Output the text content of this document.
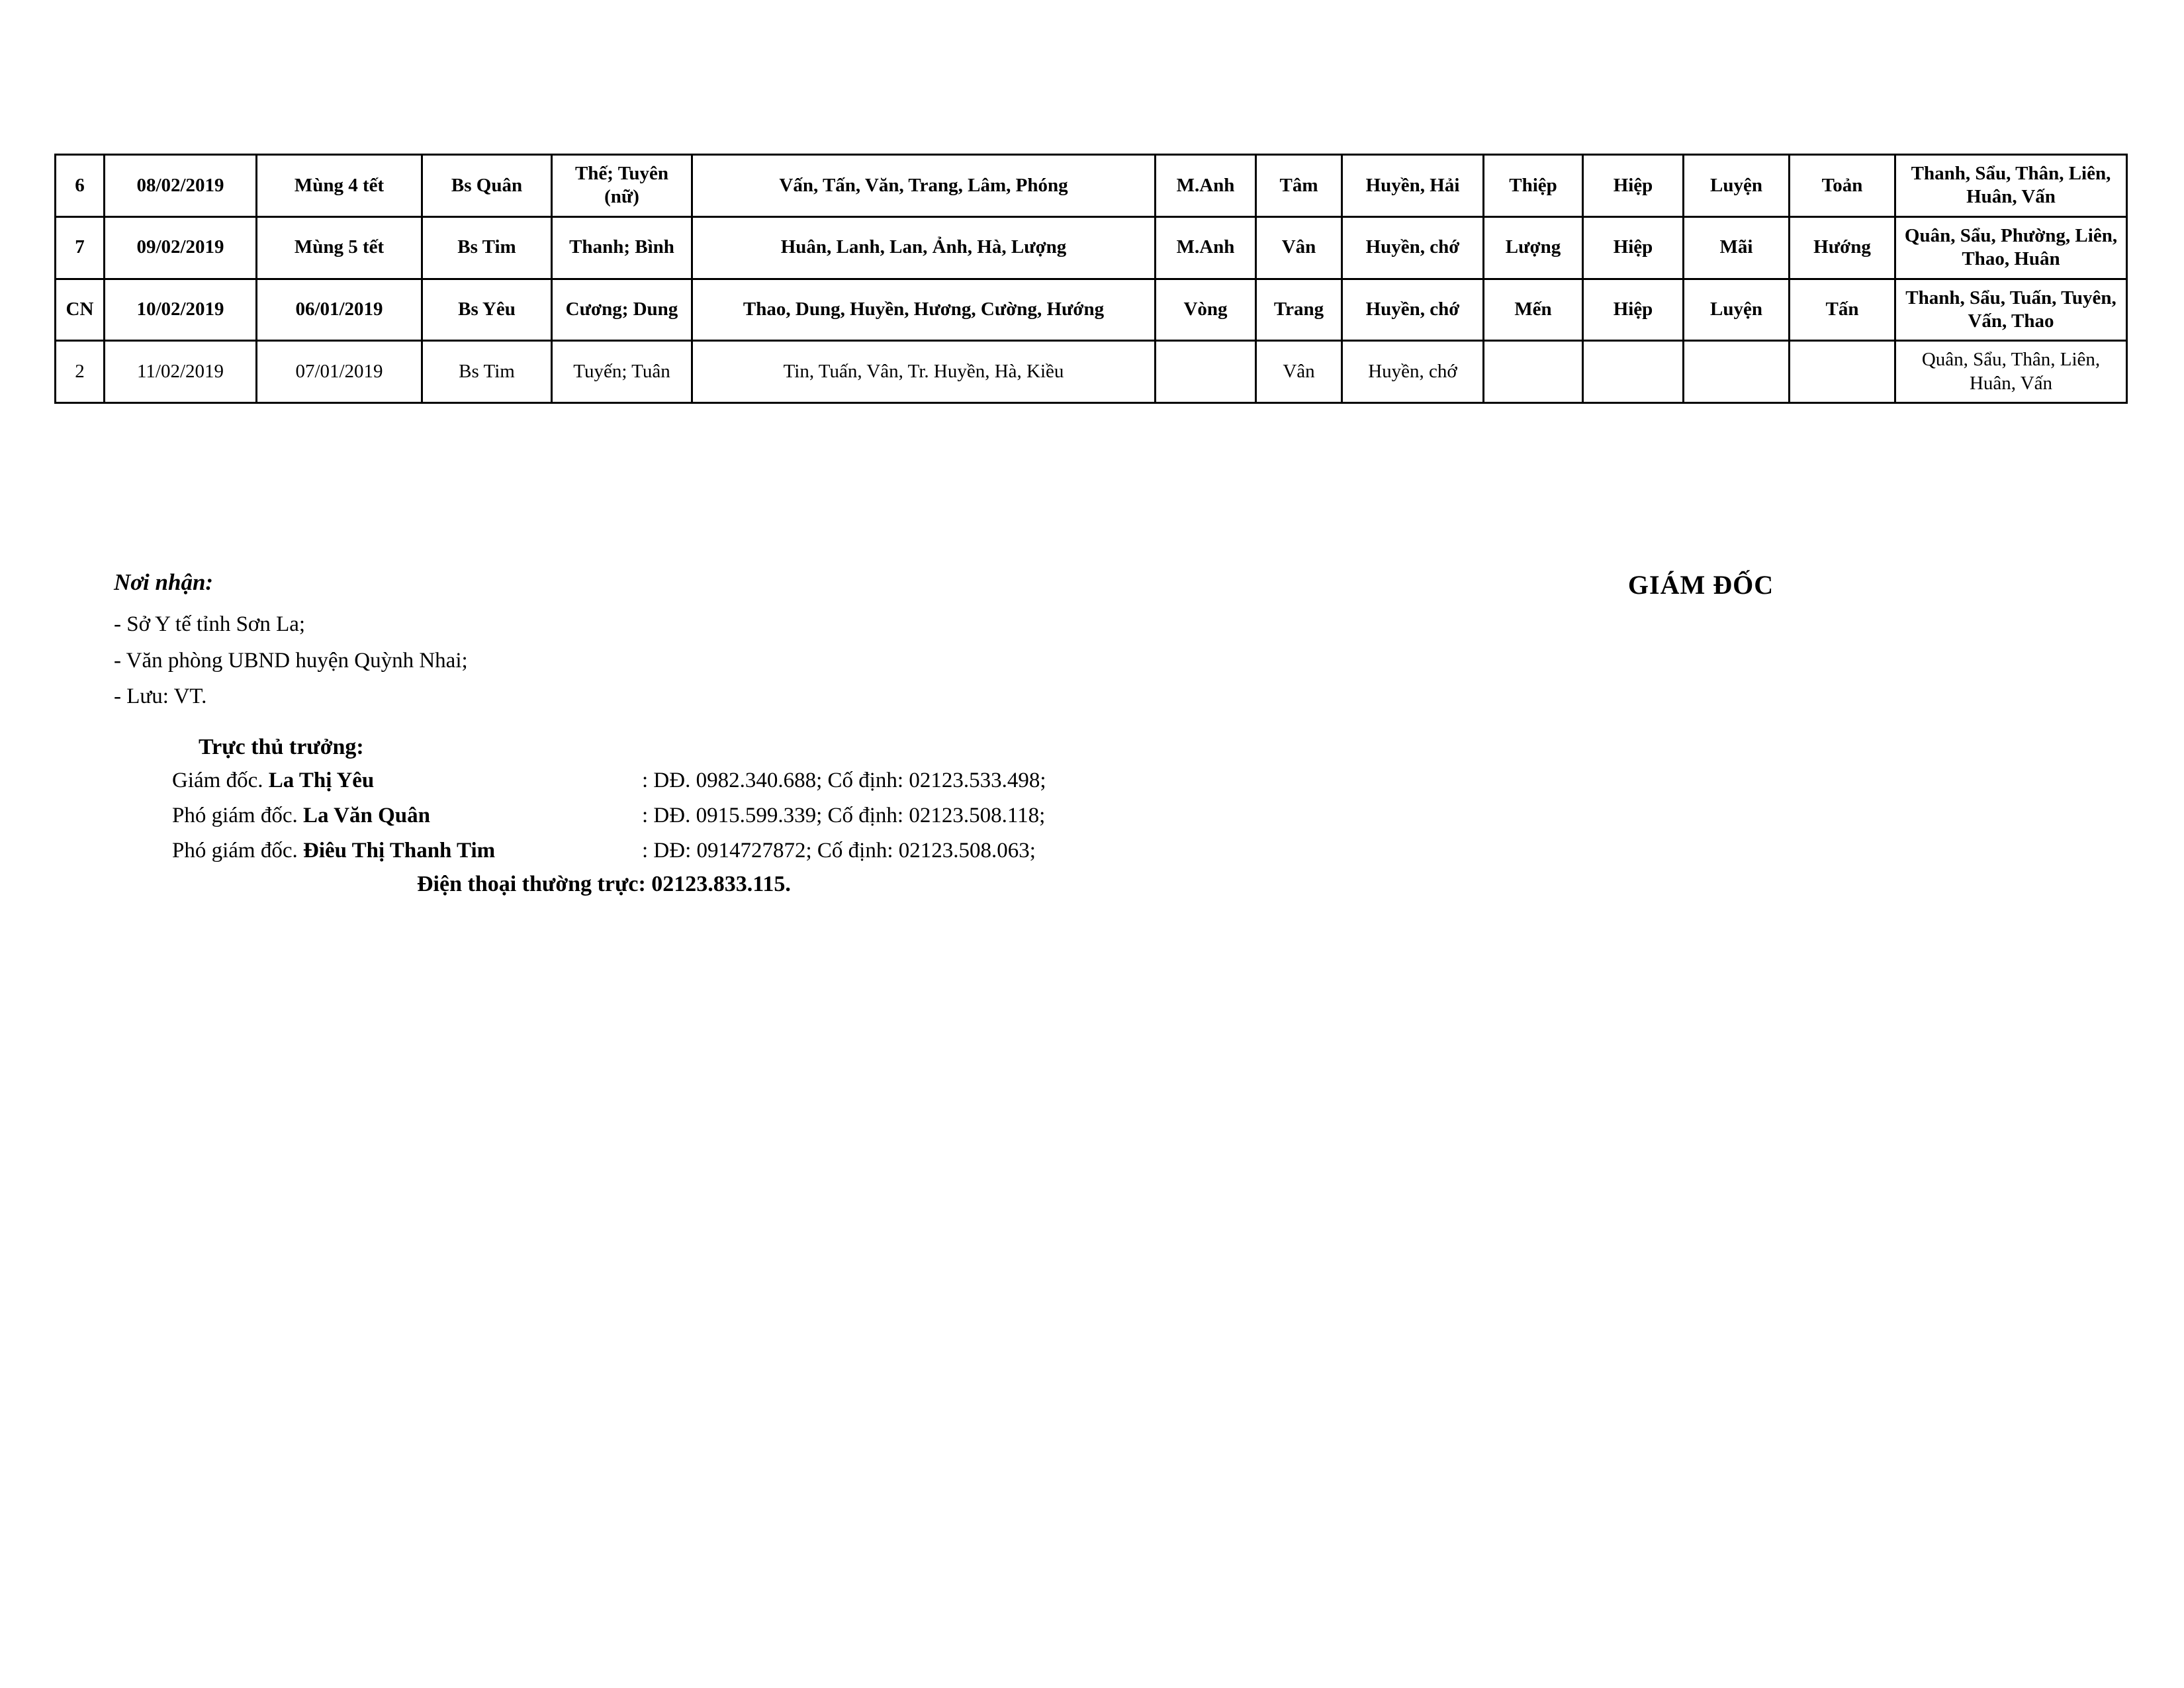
6	08/02/2019	Mùng 4 tết	Bs Quân	Thế; Tuyên (nữ)	Vấn, Tấn, Văn, Trang, Lâm, Phóng	M.Anh	Tâm	Huyền, Hải	Thiệp	Hiệp	Luyện	Toản	Thanh, Sẩu, Thân, Liên, Huân, Vấn
7	09/02/2019	Mùng 5 tết	Bs Tim	Thanh; Bình	Huân, Lanh, Lan, Ảnh, Hà, Lượng	M.Anh	Vân	Huyền, chớ	Lượng	Hiệp	Mãi	Hướng	Quân, Sẩu, Phường, Liên, Thao, Huân
CN	10/02/2019	06/01/2019	Bs Yêu	Cương; Dung	Thao, Dung, Huyền, Hương, Cường, Hướng	Vòng	Trang	Huyền, chớ	Mến	Hiệp	Luyện	Tấn	Thanh, Sẩu, Tuấn, Tuyên, Vấn, Thao
2	11/02/2019	07/01/2019	Bs Tim	Tuyến; Tuân	Tin, Tuấn, Vân, Tr. Huyền, Hà, Kiều		Vân	Huyền, chớ					Quân, Sẩu, Thân, Liên, Huân, Vấn
Nơi nhận:
- Sở Y tế tỉnh Sơn La;
- Văn phòng UBND huyện Quỳnh Nhai;
- Lưu: VT.
GIÁM ĐỐC
Trực thủ trưởng:
Giám đốc. La Thị Yêu	: DĐ. 0982.340.688; Cố định: 02123.533.498;
Phó giám đốc. La Văn Quân	: DĐ. 0915.599.339; Cố định: 02123.508.118;
Phó giám đốc. Điêu Thị Thanh Tim	: DĐ: 0914727872; Cố định: 02123.508.063;
Điện thoại thường trực: 02123.833.115.
